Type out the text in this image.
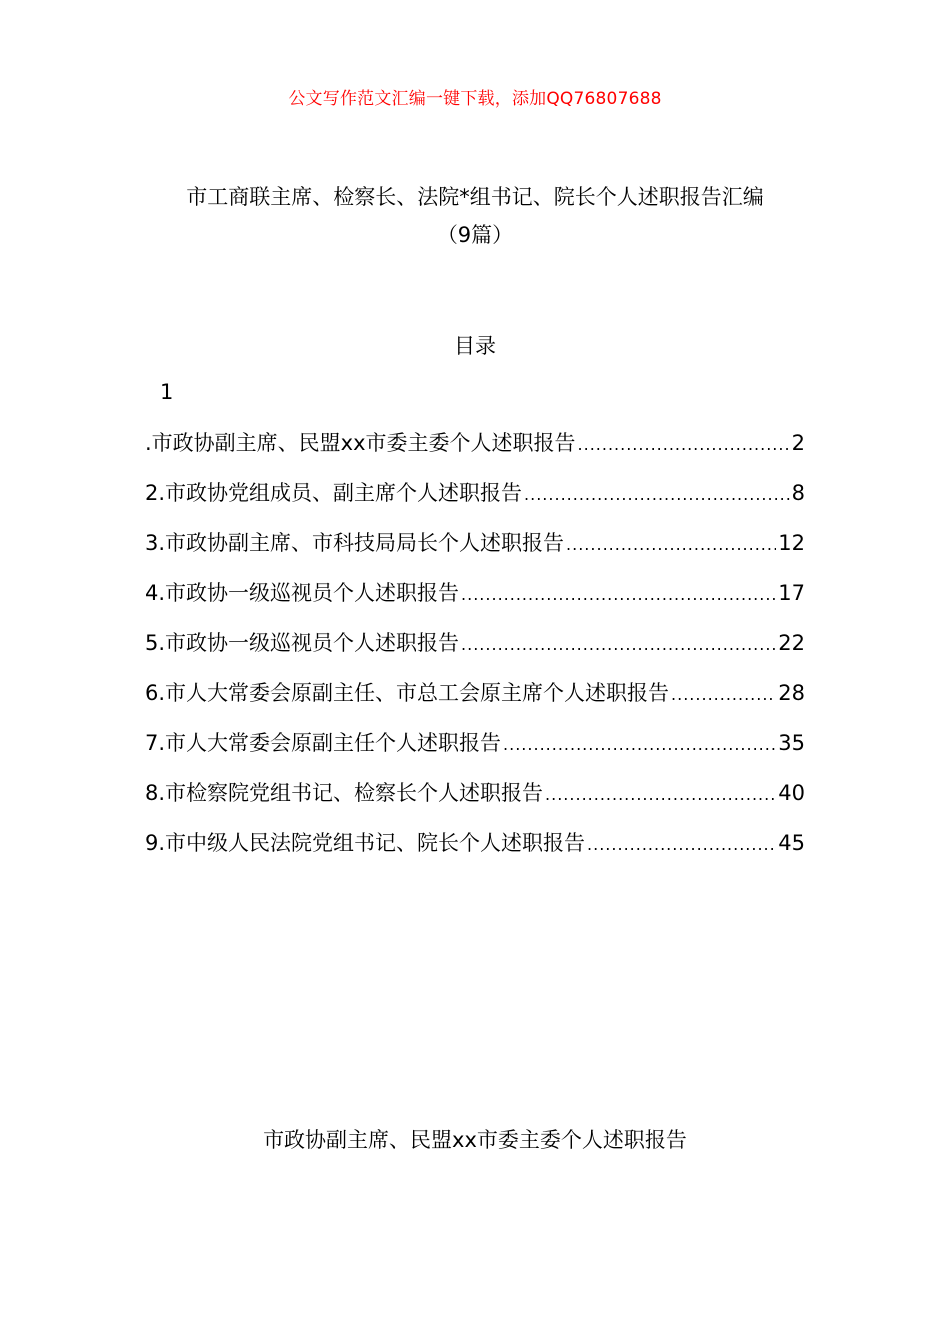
公文写作范文汇编一键下载，添加QQ76807688
市工商联主席、检察长、法院*组书记、院长个人述职报告汇编
（9篇）
目录
1
.市政协副主席、民盟xx市委主委个人述职报告 .....	2
2.市政协党组成员、副主席个人述职报告 .....	8
3.市政协副主席、市科技局局长个人述职报告 .....	12
4.市政协一级巡视员个人述职报告 .....	17
5.市政协一级巡视员个人述职报告 .....	22
6.市人大常委会原副主任、市总工会原主席个人述职报告 .....	28
7.市人大常委会原副主任个人述职报告 .....	35
8.市检察院党组书记、检察长个人述职报告 .....	40
9.市中级人民法院党组书记、院长个人述职报告 .....	45
市政协副主席、民盟xx市委主委个人述职报告
